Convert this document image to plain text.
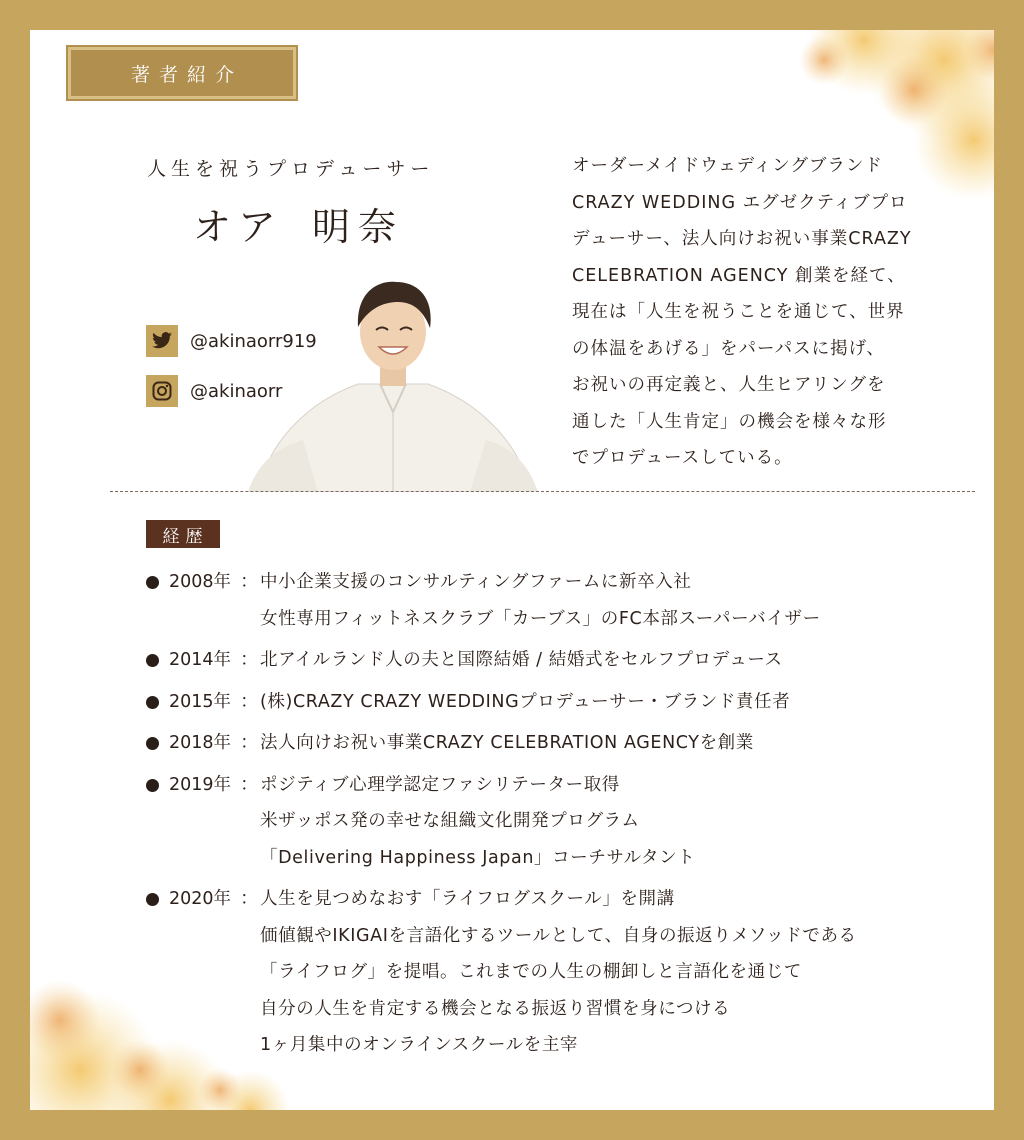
著者紹介
人生を祝うプロデューサー
オア 明奈
@akinaorr919
@akinaorr
オーダーメイドウェディングブランド
CRAZY WEDDING エグゼクティブプロ
デューサー、法人向けお祝い事業CRAZY
CELEBRATION AGENCY 創業を経て、
現在は「人生を祝うことを通じて、世界
の体温をあげる」をパーパスに掲げ、
お祝いの再定義と、人生ヒアリングを
通した「人生肯定」の機会を様々な形
でプロデュースしている。
経歴
2008年 ： 中小企業支援のコンサルティングファームに新卒入社
女性専用フィットネスクラブ「カーブス」のFC本部スーパーバイザー
2014年 ： 北アイルランド人の夫と国際結婚 / 結婚式をセルフプロデュース
2015年 ： (株)CRAZY CRAZY WEDDINGプロデューサー・ブランド責任者
2018年 ： 法人向けお祝い事業CRAZY CELEBRATION AGENCYを創業
2019年 ： ポジティブ心理学認定ファシリテーター取得
米ザッポス発の幸せな組織文化開発プログラム
「Delivering Happiness Japan」コーチサルタント
2020年 ： 人生を見つめなおす「ライフログスクール」を開講
価値観やIKIGAIを言語化するツールとして、自身の振返りメソッドである
「ライフログ」を提唱。これまでの人生の棚卸しと言語化を通じて
自分の人生を肯定する機会となる振返り習慣を身につける
1ヶ月集中のオンラインスクールを主宰
